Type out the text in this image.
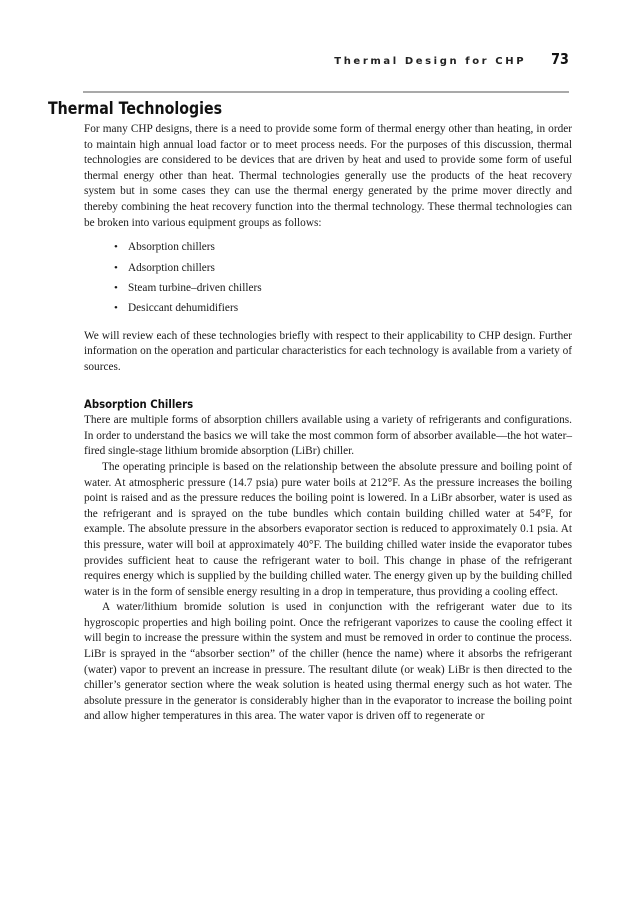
Thermal Design for CHP 73
Thermal Technologies

For many CHP designs, there is a need to provide some form of thermal energy other than heating, in order to maintain high annual load factor or to meet process needs. For the purposes of this discussion, thermal technologies are considered to be devices that are driven by heat and used to provide some form of useful thermal energy other than heat. Thermal technologies generally use the products of the heat recovery system but in some cases they can use the thermal energy generated by the prime mover directly and thereby combining the heat recovery function into the thermal technology. These thermal technologies can be broken into various equipment groups as follows:

• Absorption chillers
• Adsorption chillers
• Steam turbine–driven chillers
• Desiccant dehumidifiers

We will review each of these technologies briefly with respect to their applicability to CHP design. Further information on the operation and particular characteristics for each technology is available from a variety of sources.

Absorption Chillers

There are multiple forms of absorption chillers available using a variety of refrigerants and configurations. In order to understand the basics we will take the most common form of absorber available—the hot water–fired single-stage lithium bromide absorption (LiBr) chiller.

The operating principle is based on the relationship between the absolute pressure and boiling point of water. At atmospheric pressure (14.7 psia) pure water boils at 212°F. As the pressure increases the boiling point is raised and as the pressure reduces the boiling point is lowered. In a LiBr absorber, water is used as the refrigerant and is sprayed on the tube bundles which contain building chilled water at 54°F, for example. The absolute pressure in the absorbers evaporator section is reduced to approximately 0.1 psia. At this pressure, water will boil at approximately 40°F. The building chilled water inside the evaporator tubes provides sufficient heat to cause the refrigerant water to boil. This change in phase of the refrigerant requires energy which is supplied by the building chilled water. The energy given up by the building chilled water is in the form of sensible energy resulting in a drop in temperature, thus providing a cooling effect.

A water/lithium bromide solution is used in conjunction with the refrigerant water due to its hygroscopic properties and high boiling point. Once the refrigerant vaporizes to cause the cooling effect it will begin to increase the pressure within the system and must be removed in order to continue the process. LiBr is sprayed in the “absorber section” of the chiller (hence the name) where it absorbs the refrigerant (water) vapor to prevent an increase in pressure. The resultant dilute (or weak) LiBr is then directed to the chiller’s generator section where the weak solution is heated using thermal energy such as hot water. The absolute pressure in the generator is considerably higher than in the evaporator to increase the boiling point and allow higher temperatures in this area. The water vapor is driven off to regenerate or
